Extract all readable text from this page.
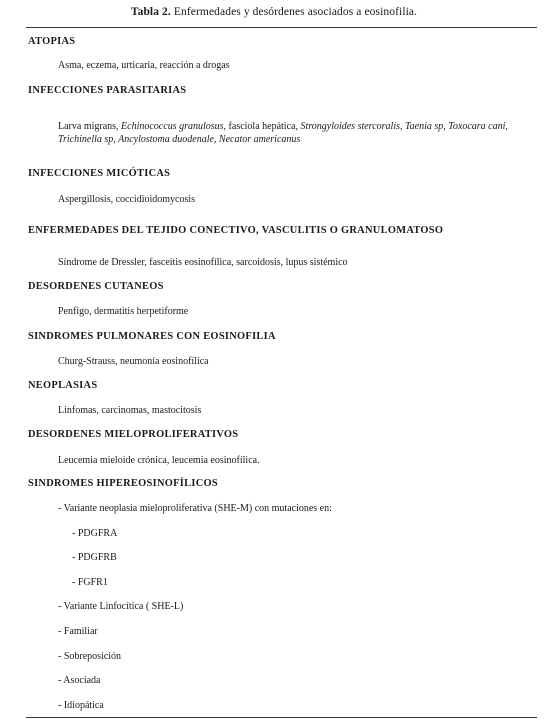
Tabla 2. Enfermedades y desórdenes asociados a eosinofilia.
ATOPIAS
Asma, eczema, urticaria, reacción a drogas
INFECCIONES PARASITARIAS
Larva migrans, Echinococcus granulosus, fasciola hepática, Strongyloides stercoralis, Taenia sp, Toxocara cani, Trichinella sp, Ancylostoma duodenale, Necator americanus
INFECCIONES MICÓTICAS
Aspergillosis, coccidioidomycosis
ENFERMEDADES DEL TEJIDO CONECTIVO, VASCULITIS O GRANULOMATOSO
Síndrome de Dressler, fasceítis eosinofílica, sarcoidosis, lupus sistémico
DESORDENES CUTANEOS
Penfigo, dermatitis herpetiforme
SINDROMES PULMONARES CON EOSINOFILIA
Churg-Strauss, neumonía eosinofílica
NEOPLASIAS
Linfomas, carcinomas, mastocitosis
DESORDENES MIELOPROLIFERATIVOS
Leucemia mieloide crónica, leucemia eosinofílica.
SINDROMES HIPEREOSINOFÍLICOS
- Variante neoplasia mieloproliferativa (SHE-M) con mutaciones en:
- PDGFRA
- PDGFRB
- FGFR1
- Variante Linfocítica ( SHE-L)
- Familiar
- Sobreposición
- Asociada
- Idiopática
